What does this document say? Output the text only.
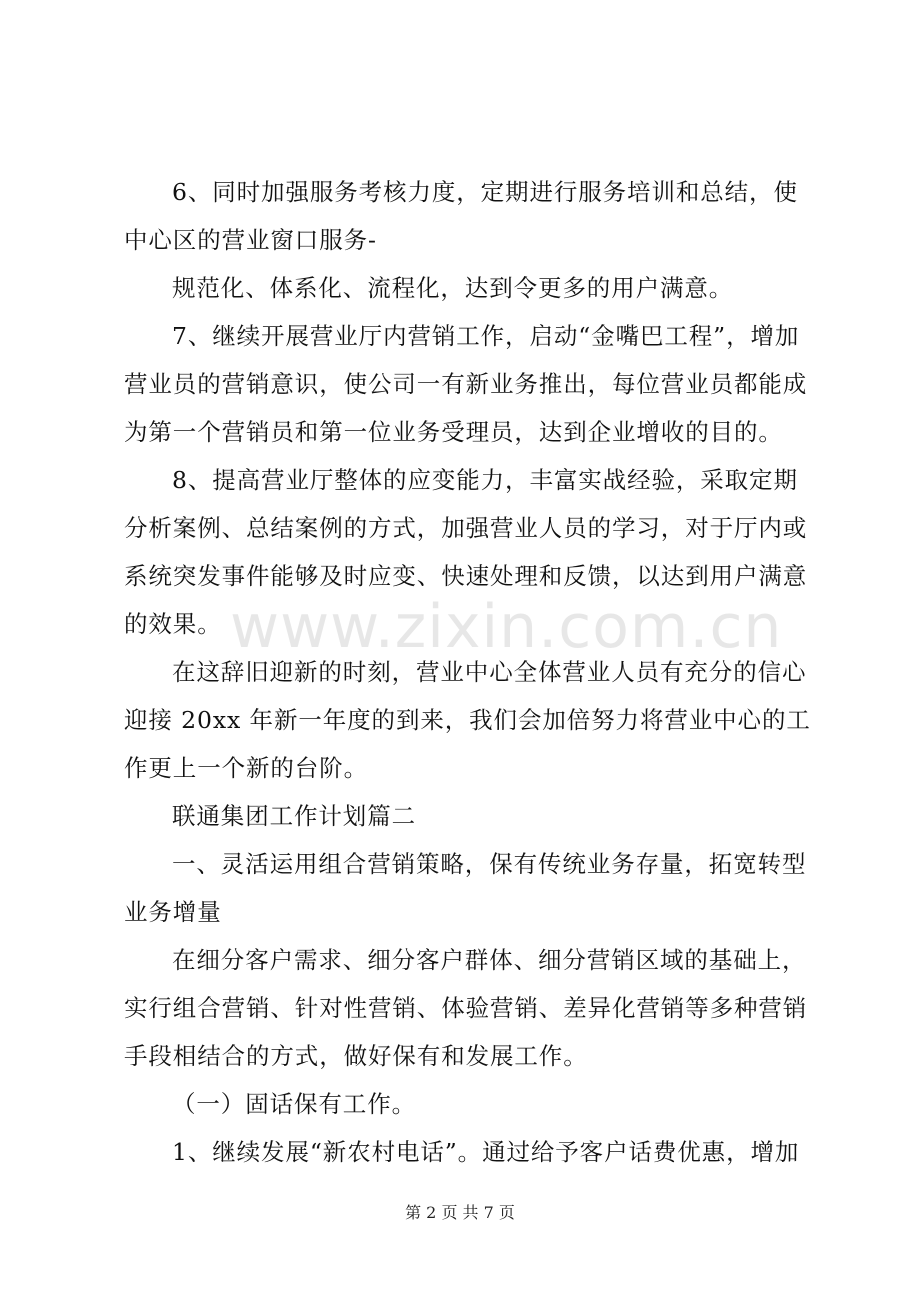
www.zixin.com.cn
6、同时加强服务考核力度，定期进行服务培训和总结，使
中心区的营业窗口服务-
规范化、体系化、流程化，达到令更多的用户满意。
7、继续开展营业厅内营销工作，启动“金嘴巴工程”，增加
营业员的营销意识，使公司一有新业务推出，每位营业员都能成
为第一个营销员和第一位业务受理员，达到企业增收的目的。
8、提高营业厅整体的应变能力，丰富实战经验，采取定期
分析案例、总结案例的方式，加强营业人员的学习，对于厅内或
系统突发事件能够及时应变、快速处理和反馈，以达到用户满意
的效果。
在这辞旧迎新的时刻，营业中心全体营业人员有充分的信心
迎接 20xx 年新一年度的到来，我们会加倍努力将营业中心的工
作更上一个新的台阶。
联通集团工作计划篇二
一、灵活运用组合营销策略，保有传统业务存量，拓宽转型
业务增量
在细分客户需求、细分客户群体、细分营销区域的基础上，
实行组合营销、针对性营销、体验营销、差异化营销等多种营销
手段相结合的方式，做好保有和发展工作。
（一）固话保有工作。
1、继续发展“新农村电话”。通过给予客户话费优惠，增加
第 2 页 共 7 页
